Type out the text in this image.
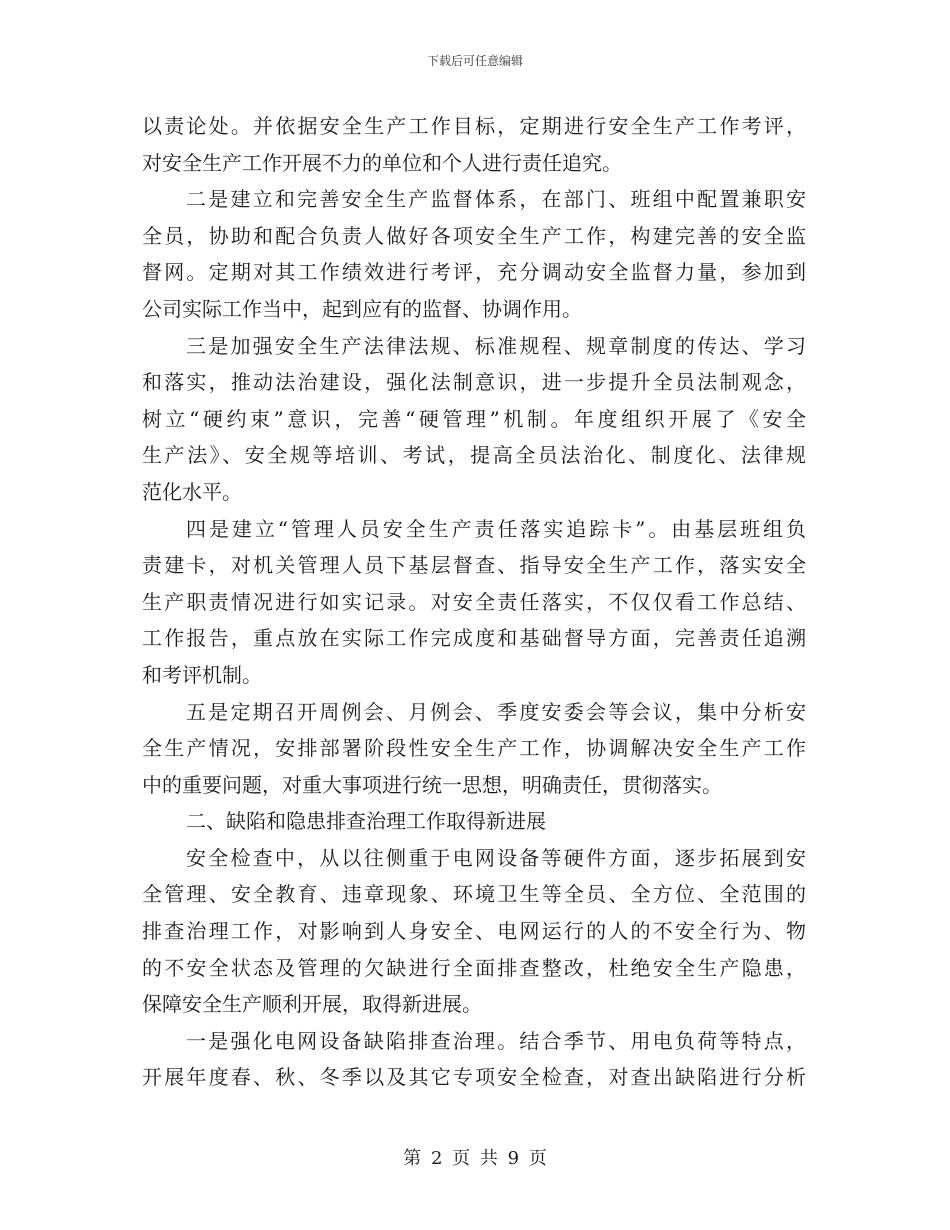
下载后可任意编辑
以责论处。并依据安全生产工作目标，定期进行安全生产工作考评，
对安全生产工作开展不力的单位和个人进行责任追究。
二是建立和完善安全生产监督体系，在部门、班组中配置兼职安
全员，协助和配合负责人做好各项安全生产工作，构建完善的安全监
督网。定期对其工作绩效进行考评，充分调动安全监督力量，参加到
公司实际工作当中，起到应有的监督、协调作用。
三是加强安全生产法律法规、标准规程、规章制度的传达、学习
和落实，推动法治建设，强化法制意识，进一步提升全员法制观念，
树立“硬约束”意识，完善“硬管理”机制。年度组织开展了《安全
生产法》、安全规等培训、考试，提高全员法治化、制度化、法律规
范化水平。
四是建立“管理人员安全生产责任落实追踪卡”。由基层班组负
责建卡，对机关管理人员下基层督查、指导安全生产工作，落实安全
生产职责情况进行如实记录。对安全责任落实，不仅仅看工作总结、
工作报告，重点放在实际工作完成度和基础督导方面，完善责任追溯
和考评机制。
五是定期召开周例会、月例会、季度安委会等会议，集中分析安
全生产情况，安排部署阶段性安全生产工作，协调解决安全生产工作
中的重要问题，对重大事项进行统一思想，明确责任，贯彻落实。
二、缺陷和隐患排查治理工作取得新进展
安全检查中，从以往侧重于电网设备等硬件方面，逐步拓展到安
全管理、安全教育、违章现象、环境卫生等全员、全方位、全范围的
排查治理工作，对影响到人身安全、电网运行的人的不安全行为、物
的不安全状态及管理的欠缺进行全面排查整改，杜绝安全生产隐患，
保障安全生产顺利开展，取得新进展。
一是强化电网设备缺陷排查治理。结合季节、用电负荷等特点，
开展年度春、秋、冬季以及其它专项安全检查，对查出缺陷进行分析
第 2 页 共 9 页
